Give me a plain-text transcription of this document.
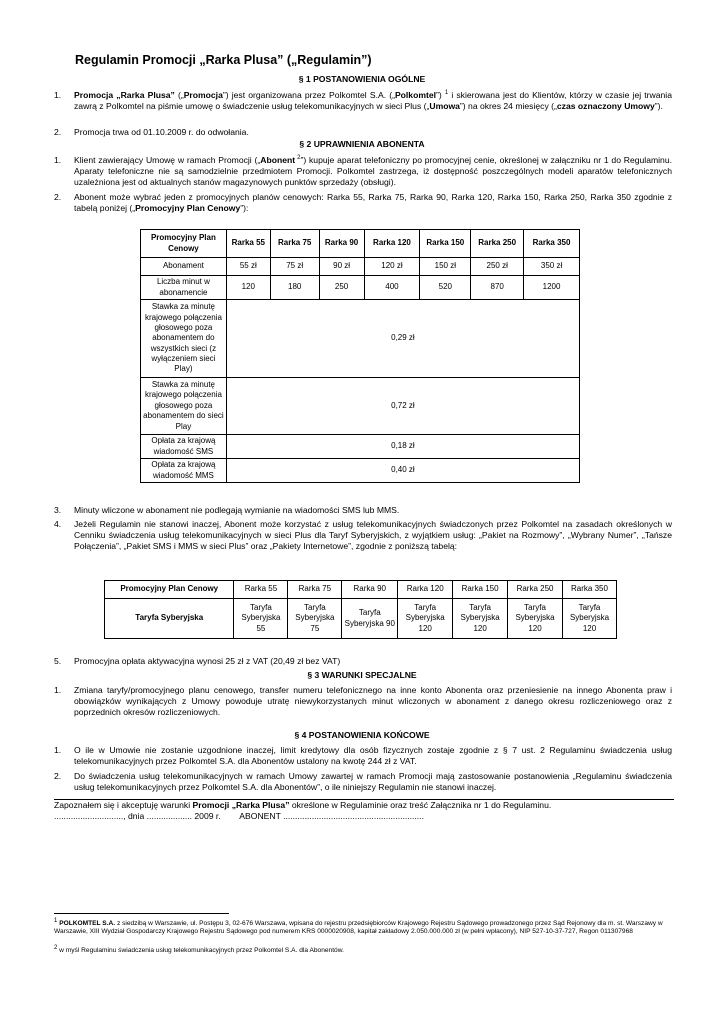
Regulamin Promocji „Rarka Plusa” („Regulamin”)
§ 1 POSTANOWIENIA OGÓLNE
1.	Promocja „Rarka Plusa” („Promocja”) jest organizowana przez Polkomtel S.A. („Polkomtel”) $^1$ i skierowana jest do Klientów, którzy w czasie jej trwania zawrą z Polkomtel na piśmie umowę o świadczenie usług telekomunikacyjnych w sieci Plus („Umowa”) na okres 24 miesięcy („czas oznaczony Umowy”).
2.	Promocja trwa od 01.10.2009 r. do odwołania.
§ 2 UPRAWNIENIA ABONENTA
1.	Klient zawierający Umowę w ramach Promocji („Abonent $^2$”) kupuje aparat telefoniczny po promocyjnej cenie, określonej w załączniku nr 1 do Regulaminu. Aparaty telefoniczne nie są samodzielnie przedmiotem Promocji. Polkomtel zastrzega, iż dostępność poszczególnych modeli aparatów telefonicznych uzależniona jest od aktualnych stanów magazynowych punktów sprzedaży (obsługi).
2.	Abonent może wybrać jeden z promocyjnych planów cenowych: Rarka 55, Rarka 75, Rarka 90, Rarka 120, Rarka 150, Rarka 250, Rarka 350 zgodnie z tabelą poniżej („Promocyjny Plan Cenowy”):
Promocyjny Plan Cenowy	Rarka 55	Rarka 75	Rarka 90	Rarka 120	Rarka 150	Rarka 250	Rarka 350
Abonament	55 zł	75 zł	90 zł	120 zł	150 zł	250 zł	350 zł
Liczba minut w abonamencie	120	180	250	400	520	870	1200
Stawka za minutę krajowego połączenia głosowego poza abonamentem do wszystkich sieci (z wyłączeniem sieci Play)	0,29 zł						
Stawka za minutę krajowego połączenia głosowego poza abonamentem do sieci Play	0,72 zł						
Opłata za krajową wiadomość SMS	0,18 zł						
Opłata za krajową wiadomość MMS	0,40 zł						
3.	Minuty wliczone w abonament nie podlegają wymianie na wiadomości SMS lub MMS.
4.	Jeżeli Regulamin nie stanowi inaczej, Abonent może korzystać z usług telekomunikacyjnych świadczonych przez Polkomtel na zasadach określonych w Cenniku świadczenia usług telekomunikacyjnych w sieci Plus dla Taryf Syberyjskich, z wyjątkiem usług: „Pakiet na Rozmowy”, „Wybrany Numer”, „Tańsze Połączenia”, „Pakiet SMS i MMS w sieci Plus” oraz „Pakiety Internetowe”, zgodnie z poniższą tabelą:
Promocyjny Plan Cenowy	Rarka 55	Rarka 75	Rarka 90	Rarka 120	Rarka 150	Rarka 250	Rarka 350
Taryfa Syberyjska	Taryfa Syberyjska 55	Taryfa Syberyjska 75	Taryfa Syberyjska 90	Taryfa Syberyjska 120	Taryfa Syberyjska 120	Taryfa Syberyjska 120	Taryfa Syberyjska 120
5.	Promocyjna opłata aktywacyjna wynosi 25 zł z VAT (20,49 zł bez VAT)
§ 3 WARUNKI SPECJALNE
1.	Zmiana taryfy/promocyjnego planu cenowego, transfer numeru telefonicznego na inne konto Abonenta oraz przeniesienie na innego Abonenta praw i obowiązków wynikających z Umowy powoduje utratę niewykorzystanych minut wliczonych w abonament z danego okresu rozliczeniowego oraz z poprzednich okresów rozliczeniowych.
§ 4 POSTANOWIENIA KOŃCOWE
1.	O ile w Umowie nie zostanie uzgodnione inaczej, limit kredytowy dla osób fizycznych zostaje zgodnie z § 7 ust. 2 Regulaminu świadczenia usług telekomunikacyjnych przez Polkomtel S.A. dla Abonentów ustalony na kwotę 244 zł z VAT.
2.	Do świadczenia usług telekomunikacyjnych w ramach Umowy zawartej w ramach Promocji mają zastosowanie postanowienia „Regulaminu świadczenia usług telekomunikacyjnych przez Polkomtel S.A. dla Abonentów”, o ile niniejszy Regulamin nie stanowi inaczej.
Zapoznałem się i akceptuję warunki Promocji „Rarka Plusa” określone w Regulaminie oraz treść Załącznika nr 1 do Regulaminu.
............................., dnia ................... 2009 r.        ABONENT ...........................................................
$^1$ POLKOMTEL S.A. z siedzibą w Warszawie, ul. Postępu 3, 02-676 Warszawa, wpisana do rejestru przedsiębiorców Krajowego Rejestru Sądowego prowadzonego przez Sąd Rejonowy dla m. st. Warszawy w Warszawie, XIII Wydział Gospodarczy Krajowego Rejestru Sądowego pod numerem KRS 0000020908, kapitał zakładowy 2.050.000.000 zł (w pełni wpłacony), NIP 527-10-37-727, Regon 011307968
$^2$ w myśl Regulaminu świadczenia usług telekomunikacyjnych przez Polkomtel S.A. dla Abonentów.
